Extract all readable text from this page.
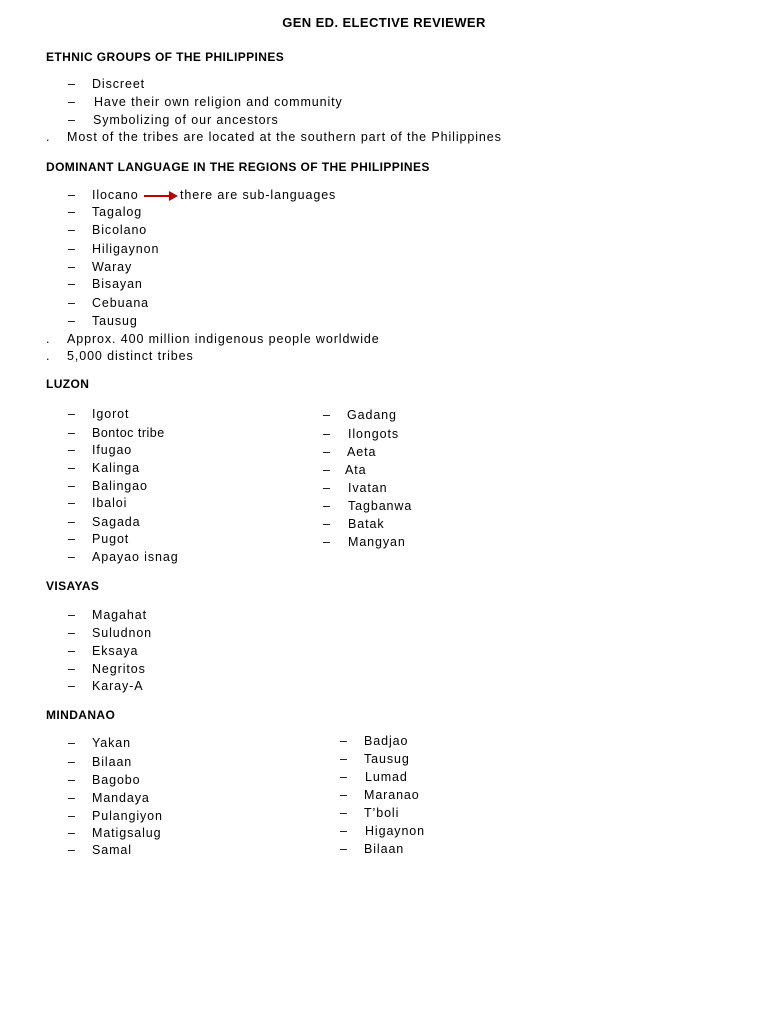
GEN ED. ELECTIVE REVIEWER
ETHNIC GROUPS OF THE PHILIPPINES
– Discreet
– Have their own religion and community
– Symbolizing of our ancestors
. Most of the tribes are located at the southern part of the Philippines
DOMINANT LANGUAGE IN THE REGIONS OF THE PHILIPPINES
– Ilocano	there are sub-languages
– Tagalog
– Bicolano
– Hiligaynon
– Waray
– Bisayan
– Cebuana
– Tausug
. Approx. 400 million indigenous people worldwide
. 5,000 distinct tribes
LUZON
– Igorot
– Bontoc tribe
– Ifugao
– Kalinga
– Balingao
– Ibaloi
– Sagada
– Pugot
– Apayao isnag
– Gadang
– Ilongots
– Aeta
– Ata
– Ivatan
– Tagbanwa
– Batak
– Mangyan
VISAYAS
– Magahat
– Suludnon
– Eksaya
– Negritos
– Karay-A
MINDANAO
– Yakan
– Bilaan
– Bagobo
– Mandaya
– Pulangiyon
– Matigsalug
– Samal
– Badjao
– Tausug
– Lumad
– Maranao
– T’boli
– Higaynon
– Bilaan
